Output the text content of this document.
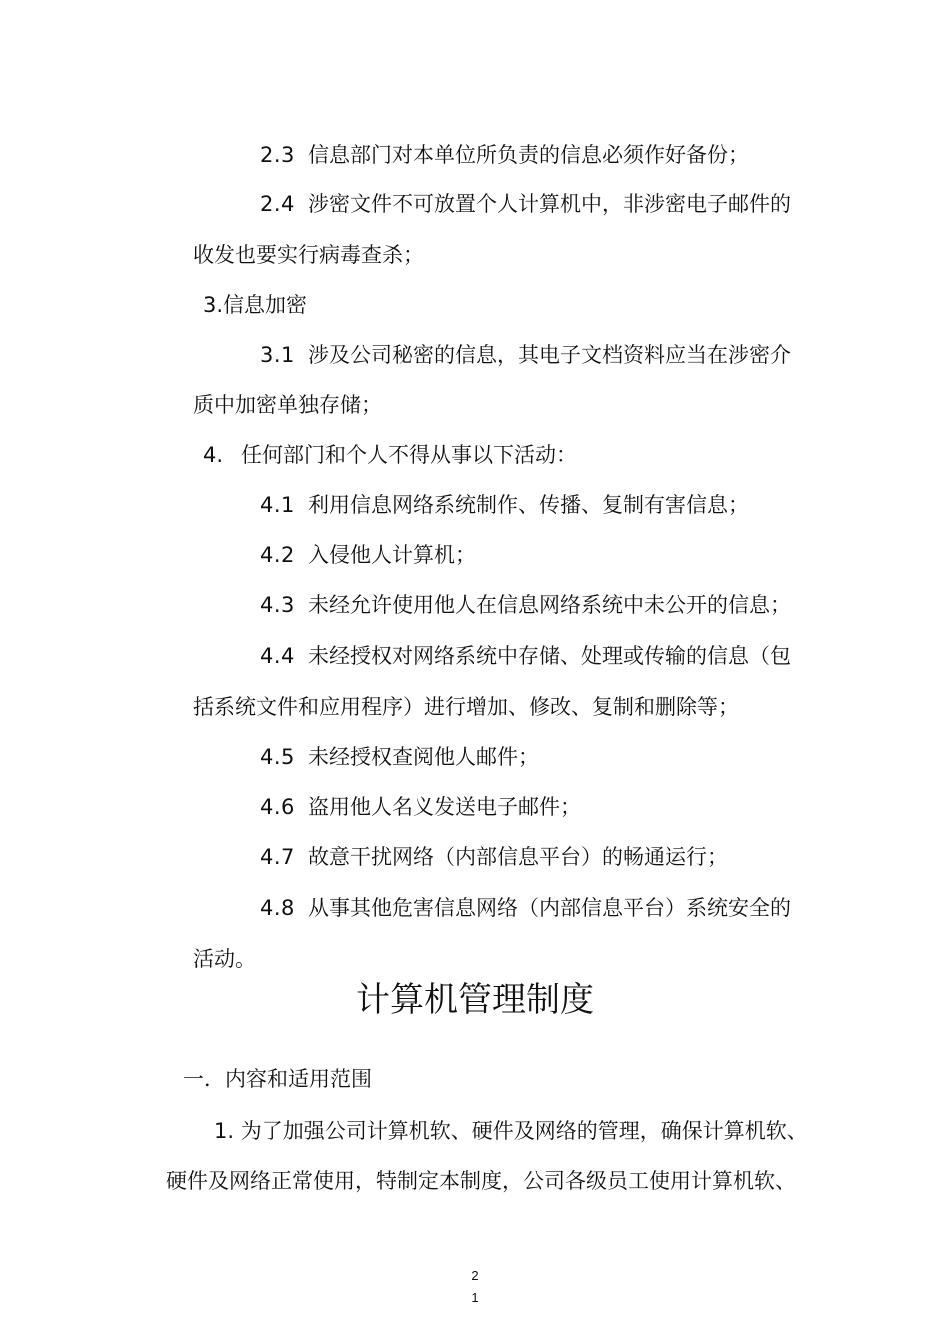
2.3 信息部门对本单位所负责的信息必须作好备份；
2.4 涉密文件不可放置个人计算机中，非涉密电子邮件的
收发也要实行病毒查杀；
3.信息加密
3.1 涉及公司秘密的信息，其电子文档资料应当在涉密介
质中加密单独存储；
4. 任何部门和个人不得从事以下活动：
4.1 利用信息网络系统制作、传播、复制有害信息；
4.2 入侵他人计算机；
4.3 未经允许使用他人在信息网络系统中未公开的信息；
4.4 未经授权对网络系统中存储、处理或传输的信息（包
括系统文件和应用程序）进行增加、修改、复制和删除等；
4.5 未经授权查阅他人邮件；
4.6 盗用他人名义发送电子邮件；
4.7 故意干扰网络（内部信息平台）的畅通运行；
4.8 从事其他危害信息网络（内部信息平台）系统安全的
活动。
计算机管理制度
一．内容和适用范围
1. 为了加强公司计算机软、硬件及网络的管理，确保计算机软、
硬件及网络正常使用，特制定本制度，公司各级员工使用计算机软、
2
1
